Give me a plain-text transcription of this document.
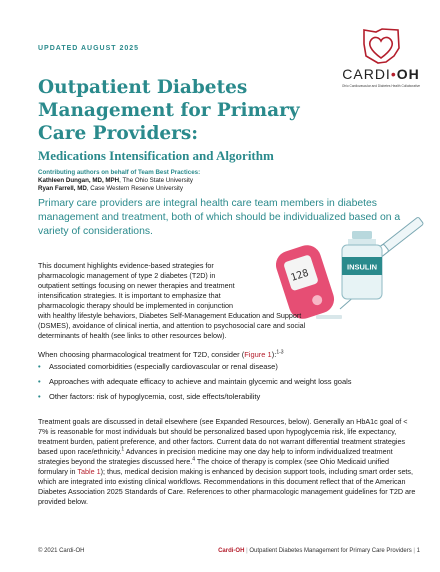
UPDATED AUGUST 2025
CARDI•OH
Ohio Cardiovascular and Diabetes Health Collaborative
Outpatient Diabetes Management for Primary Care Providers:
Medications Intensification and Algorithm
Contributing authors on behalf of Team Best Practices:
Kathleen Dungan, MD, MPH, The Ohio State University
Ryan Farrell, MD, Case Western Reserve University
Primary care providers are integral health care team members in diabetes management and treatment, both of which should be individualized based on a variety of considerations.
INSULIN
128
This document highlights evidence-based strategies for
pharmacologic management of type 2 diabetes (T2D) in
outpatient settings focusing on newer therapies and treatment
intensification strategies. It is important to emphasize that
pharmacologic therapy should be implemented in conjunction
with healthy lifestyle behaviors, Diabetes Self-Management Education and Support
(DSMES), avoidance of clinical inertia, and attention to psychosocial care and social
determinants of health (see links to other resources below).
When choosing pharmacological treatment for T2D, consider (Figure 1):$^{1-3}$
• Associated comorbidities (especially cardiovascular or renal disease)
• Approaches with adequate efficacy to achieve and maintain glycemic and weight loss goals
• Other factors: risk of hypoglycemia, cost, side effects/tolerability
Treatment goals are discussed in detail elsewhere (see Expanded Resources, below). Generally an HbA1c goal of < 7% is reasonable for most individuals but should be personalized based upon hypoglycemia risk, life expectancy, treatment burden, patient preference, and other factors. Current data do not warrant differential treatment strategies based upon race/ethnicity.$^1$ Advances in precision medicine may one day help to inform individualized treatment strategies beyond the strategies discussed here.$^4$ The choice of therapy is complex (see Ohio Medicaid unified formulary in Table 1); thus, medical decision making is enhanced by decision support tools, including smart order sets, which are integrated into existing clinical workflows. Recommendations in this document reflect that of the American Diabetes Association 2025 Standards of Care. References to other pharmacologic management guidelines for T2D are provided below.
© 2021 Cardi-OH	Cardi-OH | Outpatient Diabetes Management for Primary Care Providers | 1
